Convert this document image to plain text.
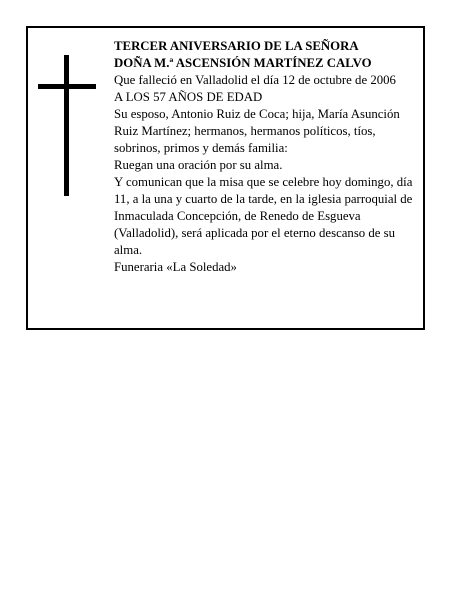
TERCER ANIVERSARIO DE LA SEÑORA

DOÑA M.ª ASCENSIÓN MARTÍNEZ CALVO

Que falleció en Valladolid el día 12 de octubre de 2006

A LOS 57 AÑOS DE EDAD

Su esposo, Antonio Ruiz de Coca; hija, María Asunción Ruiz Martínez; hermanos, hermanos políticos, tíos, sobrinos, primos y demás familia:

Ruegan una oración por su alma.

Y comunican que la misa que se celebre hoy domingo, día 11, a la una y cuarto de la tarde, en la iglesia parroquial de Inmaculada Concepción, de Renedo de Esgueva (Valladolid), será aplicada por el eterno descanso de su alma.

Funeraria «La Soledad»
